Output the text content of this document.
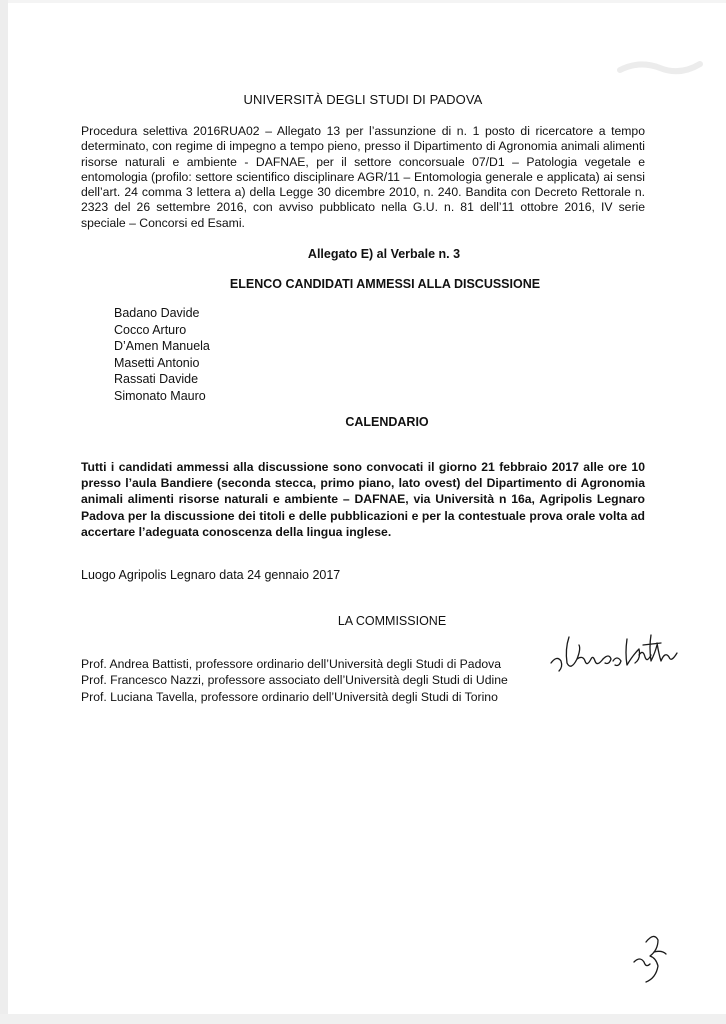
UNIVERSITÀ DEGLI STUDI DI PADOVA
Procedura selettiva 2016RUA02 – Allegato 13 per l’assunzione di n. 1 posto di ricercatore a tempo determinato, con regime di impegno a tempo pieno, presso il Dipartimento di Agronomia animali alimenti risorse naturali e ambiente - DAFNAE, per il settore concorsuale 07/D1 – Patologia vegetale e entomologia (profilo: settore scientifico disciplinare AGR/11 – Entomologia generale e applicata) ai sensi dell’art. 24 comma 3 lettera a) della Legge 30 dicembre 2010, n. 240. Bandita con Decreto Rettorale n. 2323 del 26 settembre 2016, con avviso pubblicato nella G.U. n. 81 dell’11 ottobre 2016, IV serie speciale – Concorsi ed Esami.
Allegato E) al Verbale n. 3
ELENCO CANDIDATI AMMESSI ALLA DISCUSSIONE
Badano Davide
Cocco Arturo
D’Amen Manuela
Masetti Antonio
Rassati Davide
Simonato Mauro
CALENDARIO
Tutti i candidati ammessi alla discussione sono convocati il giorno 21 febbraio 2017 alle ore 10 presso l’aula Bandiere (seconda stecca, primo piano, lato ovest) del Dipartimento di Agronomia animali alimenti risorse naturali e ambiente – DAFNAE, via Università n 16a, Agripolis Legnaro Padova per la discussione dei titoli e delle pubblicazioni e per la contestuale prova orale volta ad accertare l’adeguata conoscenza della lingua inglese.
Luogo Agripolis Legnaro data 24 gennaio 2017
LA COMMISSIONE
Prof. Andrea Battisti, professore ordinario dell’Università degli Studi di Padova
Prof. Francesco Nazzi, professore associato dell’Università degli Studi di Udine
Prof. Luciana Tavella, professore ordinario dell’Università degli Studi di Torino
